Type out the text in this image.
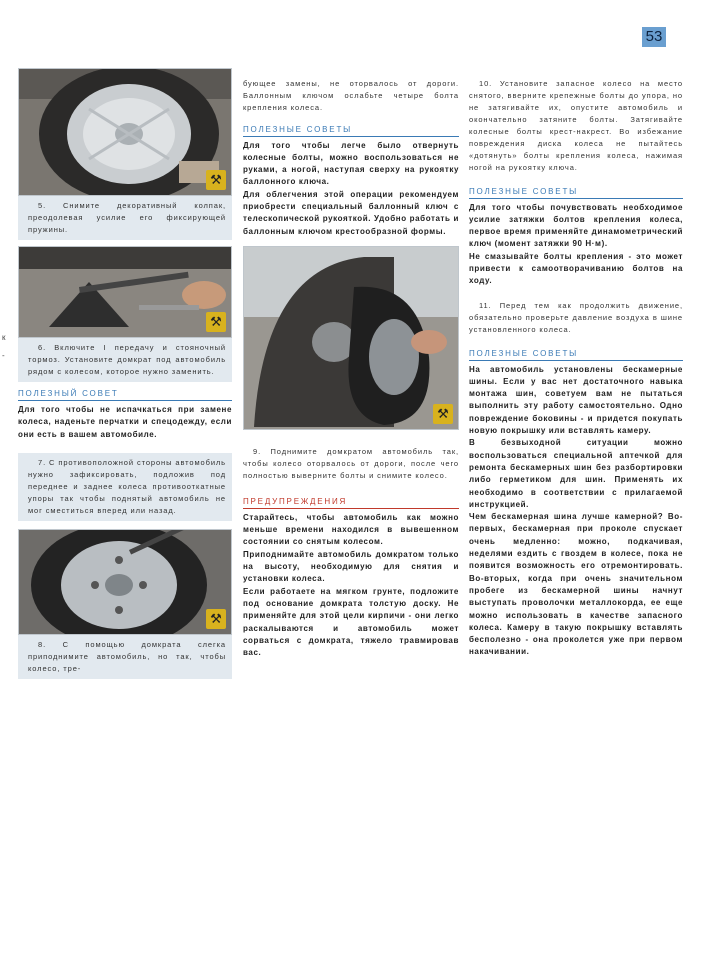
53
к
-
⚒
5. Снимите декоративный колпак, преодолевая усилие его фиксирующей пружины.
⚒
6. Включите I передачу и стояночный тормоз. Установите домкрат под автомобиль рядом с колесом, которое нужно заменить.
ПОЛЕЗНЫЙ СОВЕТ

Для того чтобы не испачкаться при замене колеса, наденьте перчатки и спецодежду, если они есть в вашем автомобиле.

7. С противоположной стороны автомобиль нужно зафиксировать, подложив под переднее и заднее колеса противооткатные упоры так чтобы поднятый автомобиль не мог сместиться вперед или назад.
⚒
8. С помощью домкрата слегка приподнимите автомобиль, но так, чтобы колесо, тре-

бующее замены, не оторвалось от дороги. Баллонным ключом ослабьте четыре болта крепления колеса.

ПОЛЕЗНЫЕ СОВЕТЫ

Для того чтобы легче было отвернуть колесные болты, можно воспользоваться не руками, а ногой, наступая сверху на рукоятку баллонного ключа.

Для облегчения этой операции рекомендуем приобрести специальный баллонный ключ с телескопической рукояткой. Удобно работать и баллонным ключом крестообразной формы.

⚒

9. Поднимите домкратом автомобиль так, чтобы колесо оторвалось от дороги, после чего полностью выверните болты и снимите колесо.

ПРЕДУПРЕЖДЕНИЯ

Старайтесь, чтобы автомобиль как можно меньше времени находился в вывешенном состоянии со снятым колесом.

Приподнимайте автомобиль домкратом только на высоту, необходимую для снятия и установки колеса.

Если работаете на мягком грунте, подложите под основание домкрата толстую доску. Не применяйте для этой цели кирпичи - они легко раскалываются и автомобиль может сорваться с домкрата, тяжело травмировав вас.

10. Установите запасное колесо на место снятого, вверните крепежные болты до упора, но не затягивайте их, опустите автомобиль и окончательно затяните болты. Затягивайте колесные болты крест-накрест. Во избежание повреждения диска колеса не пытайтесь «дотянуть» болты крепления колеса, нажимая ногой на рукоятку ключа.

ПОЛЕЗНЫЕ СОВЕТЫ

Для того чтобы почувствовать необходимое усилие затяжки болтов крепления колеса, первое время применяйте динамометрический ключ (момент затяжки 90 Н·м).

Не смазывайте болты крепления - это может привести к самоотворачиванию болтов на ходу.

11. Перед тем как продолжить движение, обязательно проверьте давление воздуха в шине установленного колеса.

ПОЛЕЗНЫЕ СОВЕТЫ

На автомобиль установлены бескамерные шины. Если у вас нет достаточного навыка монтажа шин, советуем вам не пытаться выполнить эту работу самостоятельно. Одно повреждение боковины - и придется покупать новую покрышку или вставлять камеру.

В безвыходной ситуации можно воспользоваться специальной аптечкой для ремонта бескамерных шин без разбортировки либо герметиком для шин. Применять их необходимо в соответствии с прилагаемой инструкцией.

Чем бескамерная шина лучше камерной? Во-первых, бескамерная при проколе спускает очень медленно: можно, подкачивая, неделями ездить с гвоздем в колесе, пока не появится возможность его отремонтировать. Во-вторых, когда при очень значительном пробеге из бескамерной шины начнут выступать проволочки металлокорда, ее еще можно использовать в качестве запасного колеса. Камеру в такую покрышку вставлять бесполезно - она проколется уже при первом накачивании.
